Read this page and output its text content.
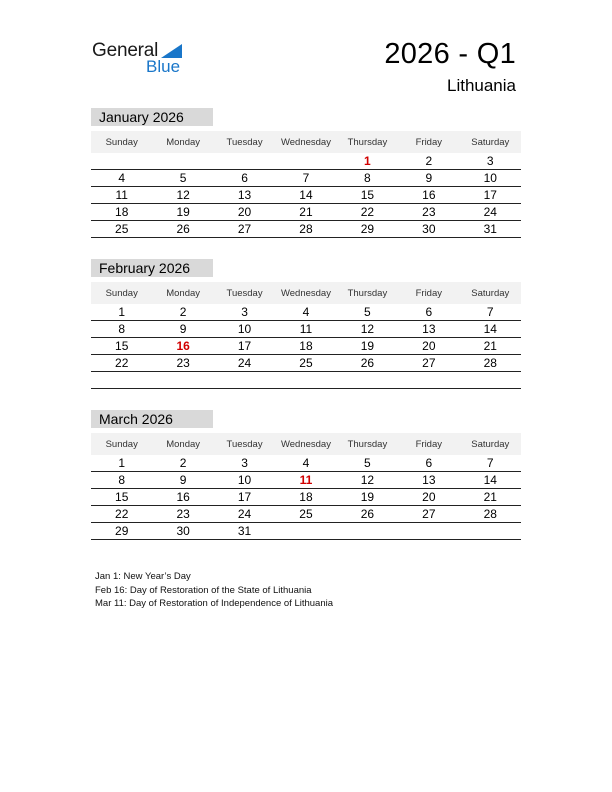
General
Blue	2026 - Q1
Lithuania
January 2026
Sunday	Monday	Tuesday	Wednesday	Thursday	Friday	Saturday
				1	2	3
4	5	6	7	8	9	10
11	12	13	14	15	16	17
18	19	20	21	22	23	24
25	26	27	28	29	30	31
February 2026
Sunday	Monday	Tuesday	Wednesday	Thursday	Friday	Saturday
1	2	3	4	5	6	7
8	9	10	11	12	13	14
15	16	17	18	19	20	21
22	23	24	25	26	27	28

March 2026
Sunday	Monday	Tuesday	Wednesday	Thursday	Friday	Saturday
1	2	3	4	5	6	7
8	9	10	11	12	13	14
15	16	17	18	19	20	21
22	23	24	25	26	27	28
29	30	31				
Jan 1: New Year’s Day
Feb 16: Day of Restoration of the State of Lithuania
Mar 11: Day of Restoration of Independence of Lithuania
